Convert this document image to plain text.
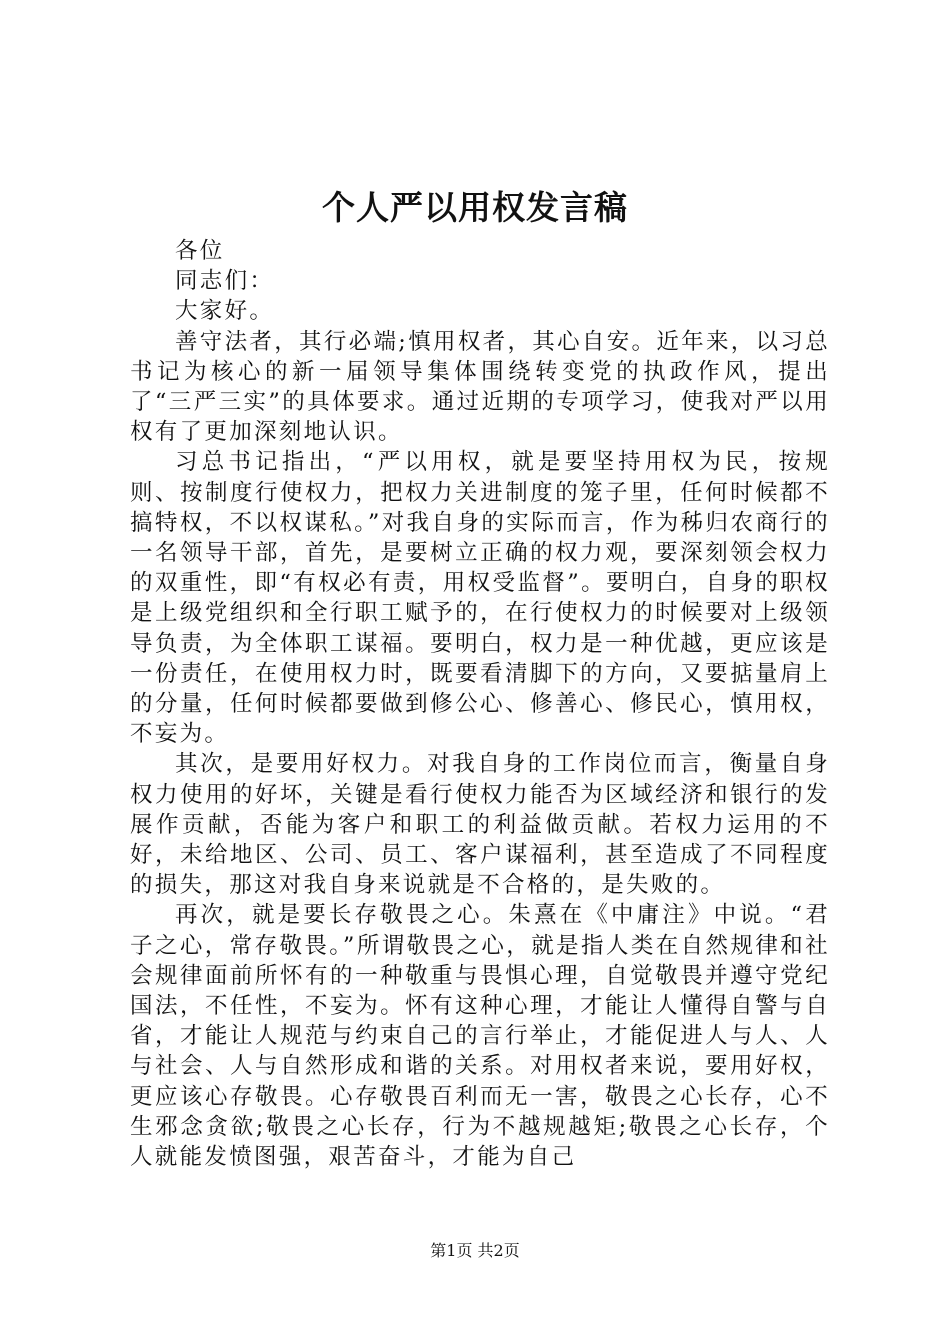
个人严以用权发言稿

各位

同志们：

大家好。

善守法者，其行必端;慎用权者，其心自安。近年来，以习总书记为核心的新一届领导集体围绕转变党的执政作风，提出了“三严三实”的具体要求。通过近期的专项学习，使我对严以用权有了更加深刻地认识。

习总书记指出，“严以用权，就是要坚持用权为民，按规则、按制度行使权力，把权力关进制度的笼子里，任何时候都不搞特权，不以权谋私。”对我自身的实际而言，作为秭归农商行的一名领导干部，首先，是要树立正确的权力观，要深刻领会权力的双重性，即“有权必有责，用权受监督”。要明白，自身的职权是上级党组织和全行职工赋予的，在行使权力的时候要对上级领导负责，为全体职工谋福。要明白，权力是一种优越，更应该是一份责任，在使用权力时，既要看清脚下的方向，又要掂量肩上的分量，任何时候都要做到修公心、修善心、修民心，慎用权，不妄为。

其次，是要用好权力。对我自身的工作岗位而言，衡量自身权力使用的好坏，关键是看行使权力能否为区域经济和银行的发展作贡献，否能为客户和职工的利益做贡献。若权力运用的不好，未给地区、公司、员工、客户谋福利，甚至造成了不同程度的损失，那这对我自身来说就是不合格的，是失败的。

再次，就是要长存敬畏之心。朱熹在《中庸注》中说。“君子之心，常存敬畏。”所谓敬畏之心，就是指人类在自然规律和社会规律面前所怀有的一种敬重与畏惧心理，自觉敬畏并遵守党纪国法，不任性，不妄为。怀有这种心理，才能让人懂得自警与自省，才能让人规范与约束自己的言行举止，才能促进人与人、人与社会、人与自然形成和谐的关系。对用权者来说，要用好权，更应该心存敬畏。心存敬畏百利而无一害，敬畏之心长存，心不生邪念贪欲;敬畏之心长存，行为不越规越矩;敬畏之心长存，个人就能发愤图强，艰苦奋斗，才能为自己

第1页 共2页
